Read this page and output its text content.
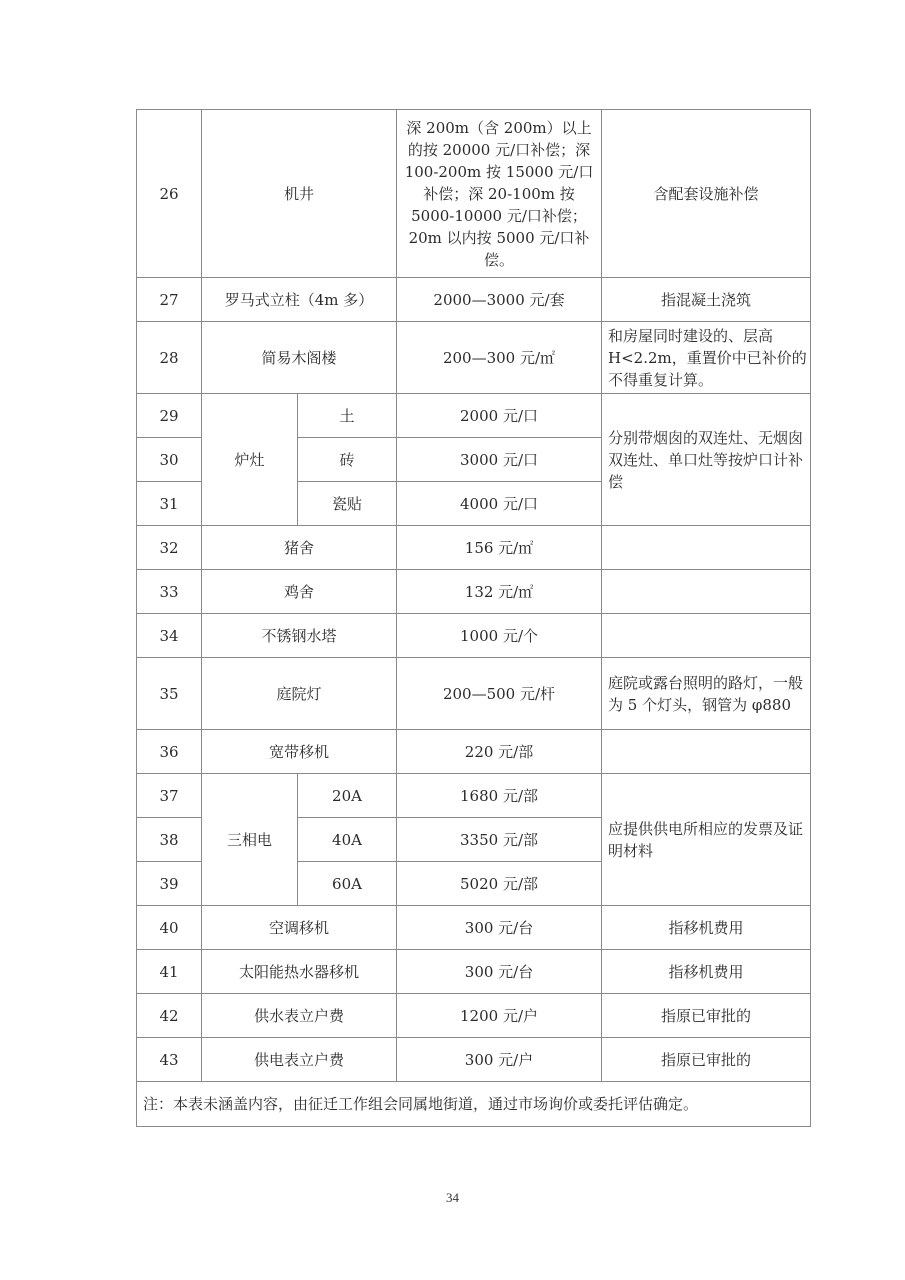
26	机井		深 200m（含 200m）以上的按 20000 元/口补偿；深 100-200m 按 15000 元/口补偿；深 20-100m 按 5000-10000 元/口补偿；20m 以内按 5000 元/口补偿。	含配套设施补偿
27	罗马式立柱（4m 多）		2000—3000 元/套	指混凝土浇筑
28	简易木阁楼		200—300 元/㎡	和房屋同时建设的、层高H<2.2m，重置价中已补价的不得重复计算。
29	炉灶	土	2000 元/口	分别带烟囱的双连灶、无烟囱双连灶、单口灶等按炉口计补偿
30		砖	3000 元/口	
31		瓷贴	4000 元/口	
32	猪舍		156 元/㎡	
33	鸡舍		132 元/㎡	
34	不锈钢水塔		1000 元/个	
35	庭院灯		200—500 元/杆	庭院或露台照明的路灯，一般为 5 个灯头，钢管为 φ880
36	宽带移机		220 元/部	
37	三相电	20A	1680 元/部	应提供供电所相应的发票及证明材料
38		40A	3350 元/部	
39		60A	5020 元/部	
40	空调移机		300 元/台	指移机费用
41	太阳能热水器移机		300 元/台	指移机费用
42	供水表立户费		1200 元/户	指原已审批的
43	供电表立户费		300 元/户	指原已审批的
注：本表未涵盖内容，由征迁工作组会同属地街道，通过市场询价或委托评估确定。				
34
